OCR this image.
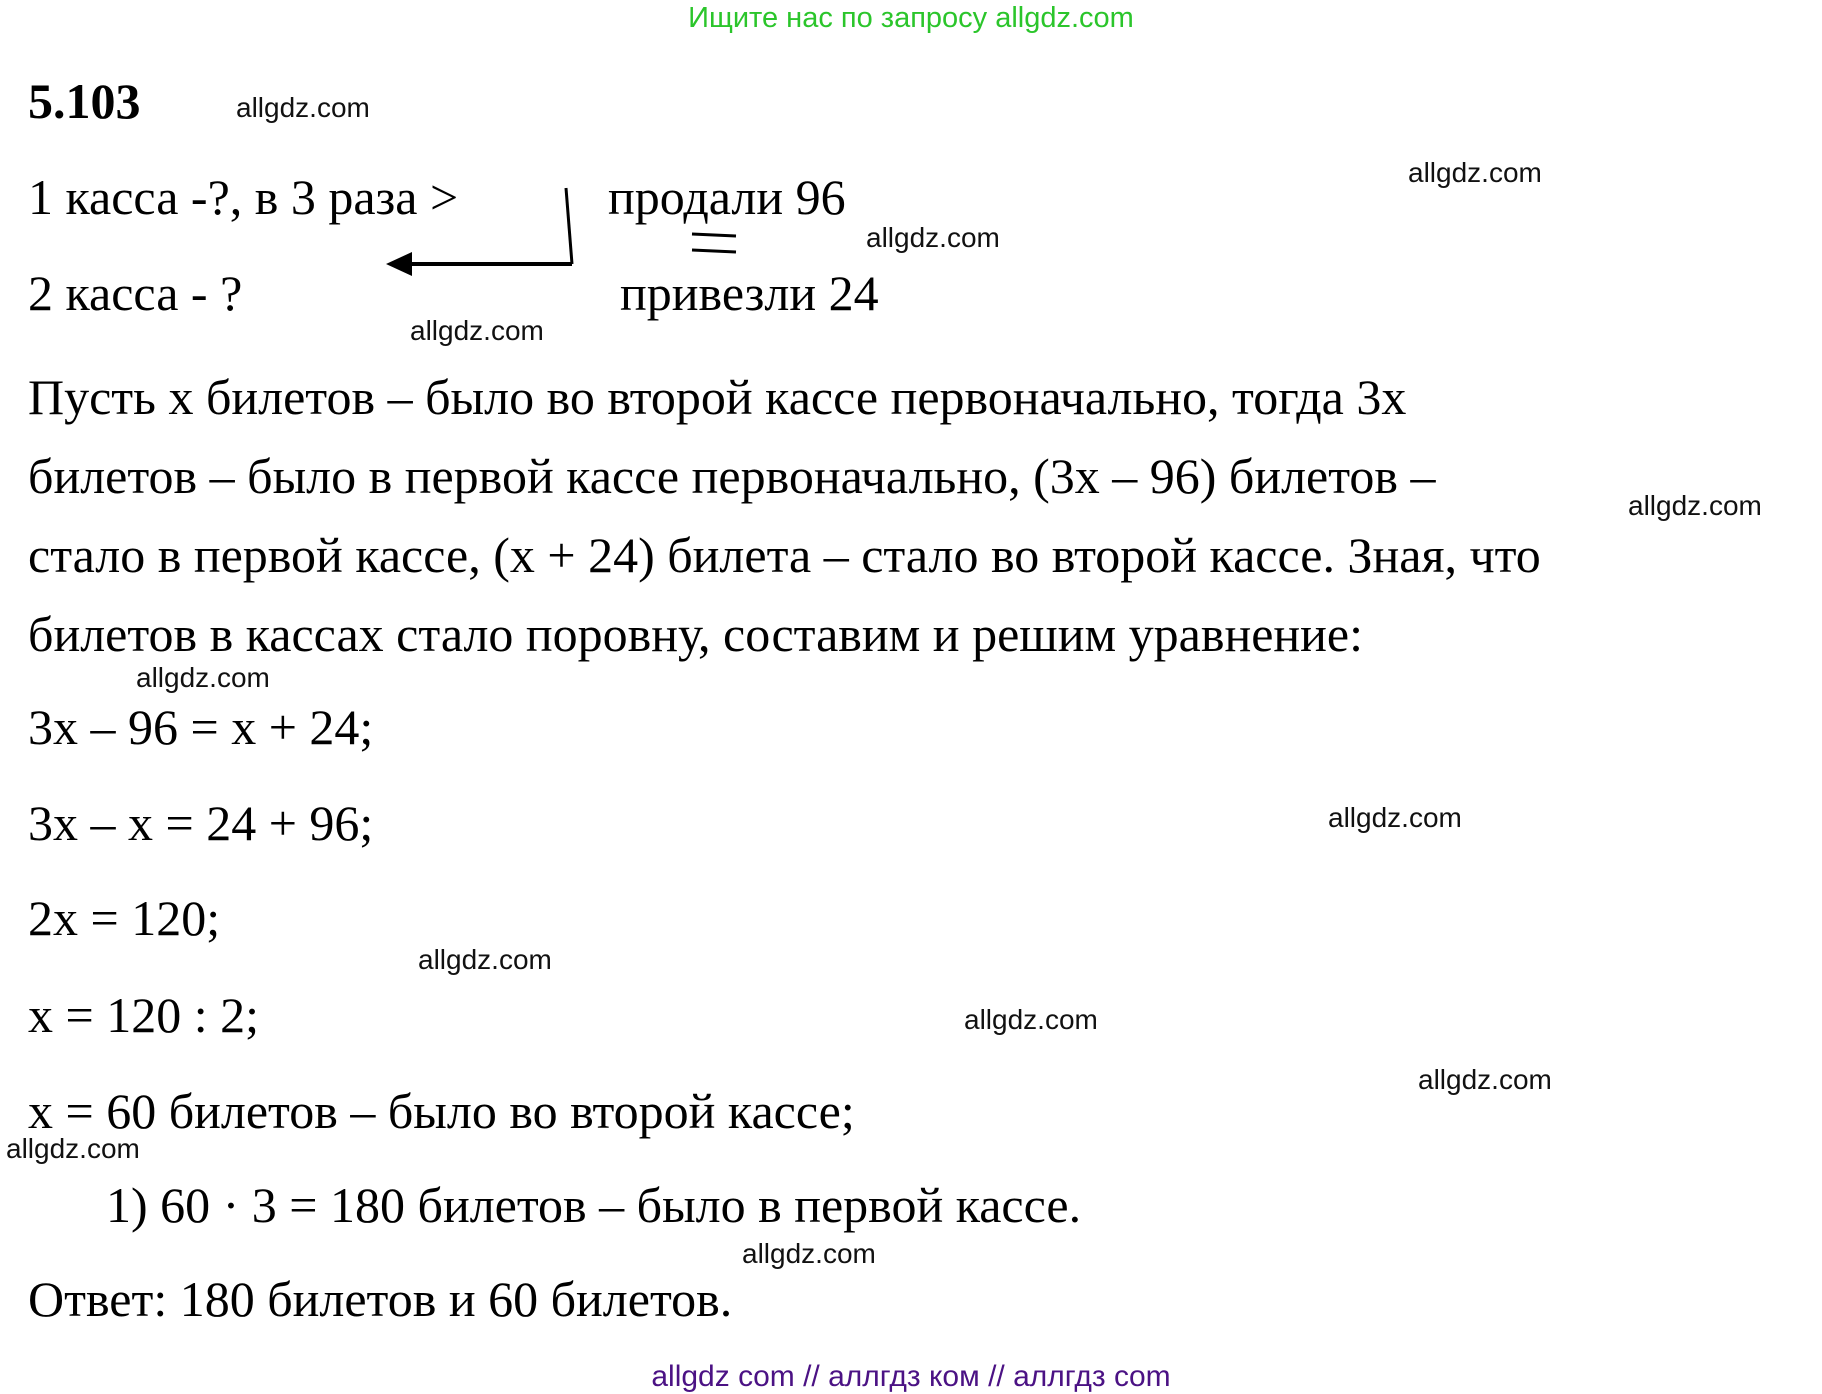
Ищите нас по запросу allgdz.com
5.103	allgdz.com
1 касса -?, в 3 раза >	продали 96
2 касса - ?	привезли 24
allgdz.com
allgdz.com
allgdz.com
Пусть х билетов – было во второй кассе первоначально, тогда 3х
билетов – было в первой кассе первоначально, (3х – 96) билетов –
стало в первой кассе, (х + 24) билета – стало во второй кассе. Зная, что
билетов в кассах стало поровну, составим и решим уравнение:
allgdz.com
allgdz.com
3х – 96 = х + 24;
3х – х = 24 + 96;	allgdz.com
2х = 120;
allgdz.com
х = 120 : 2;	allgdz.com
allgdz.com
х = 60 билетов – было во второй кассе;
allgdz.com
1) 60 · 3 = 180 билетов – было в первой кассе.
allgdz.com
Ответ: 180 билетов и 60 билетов.
allgdz com // аллгдз ком // аллгдз com
